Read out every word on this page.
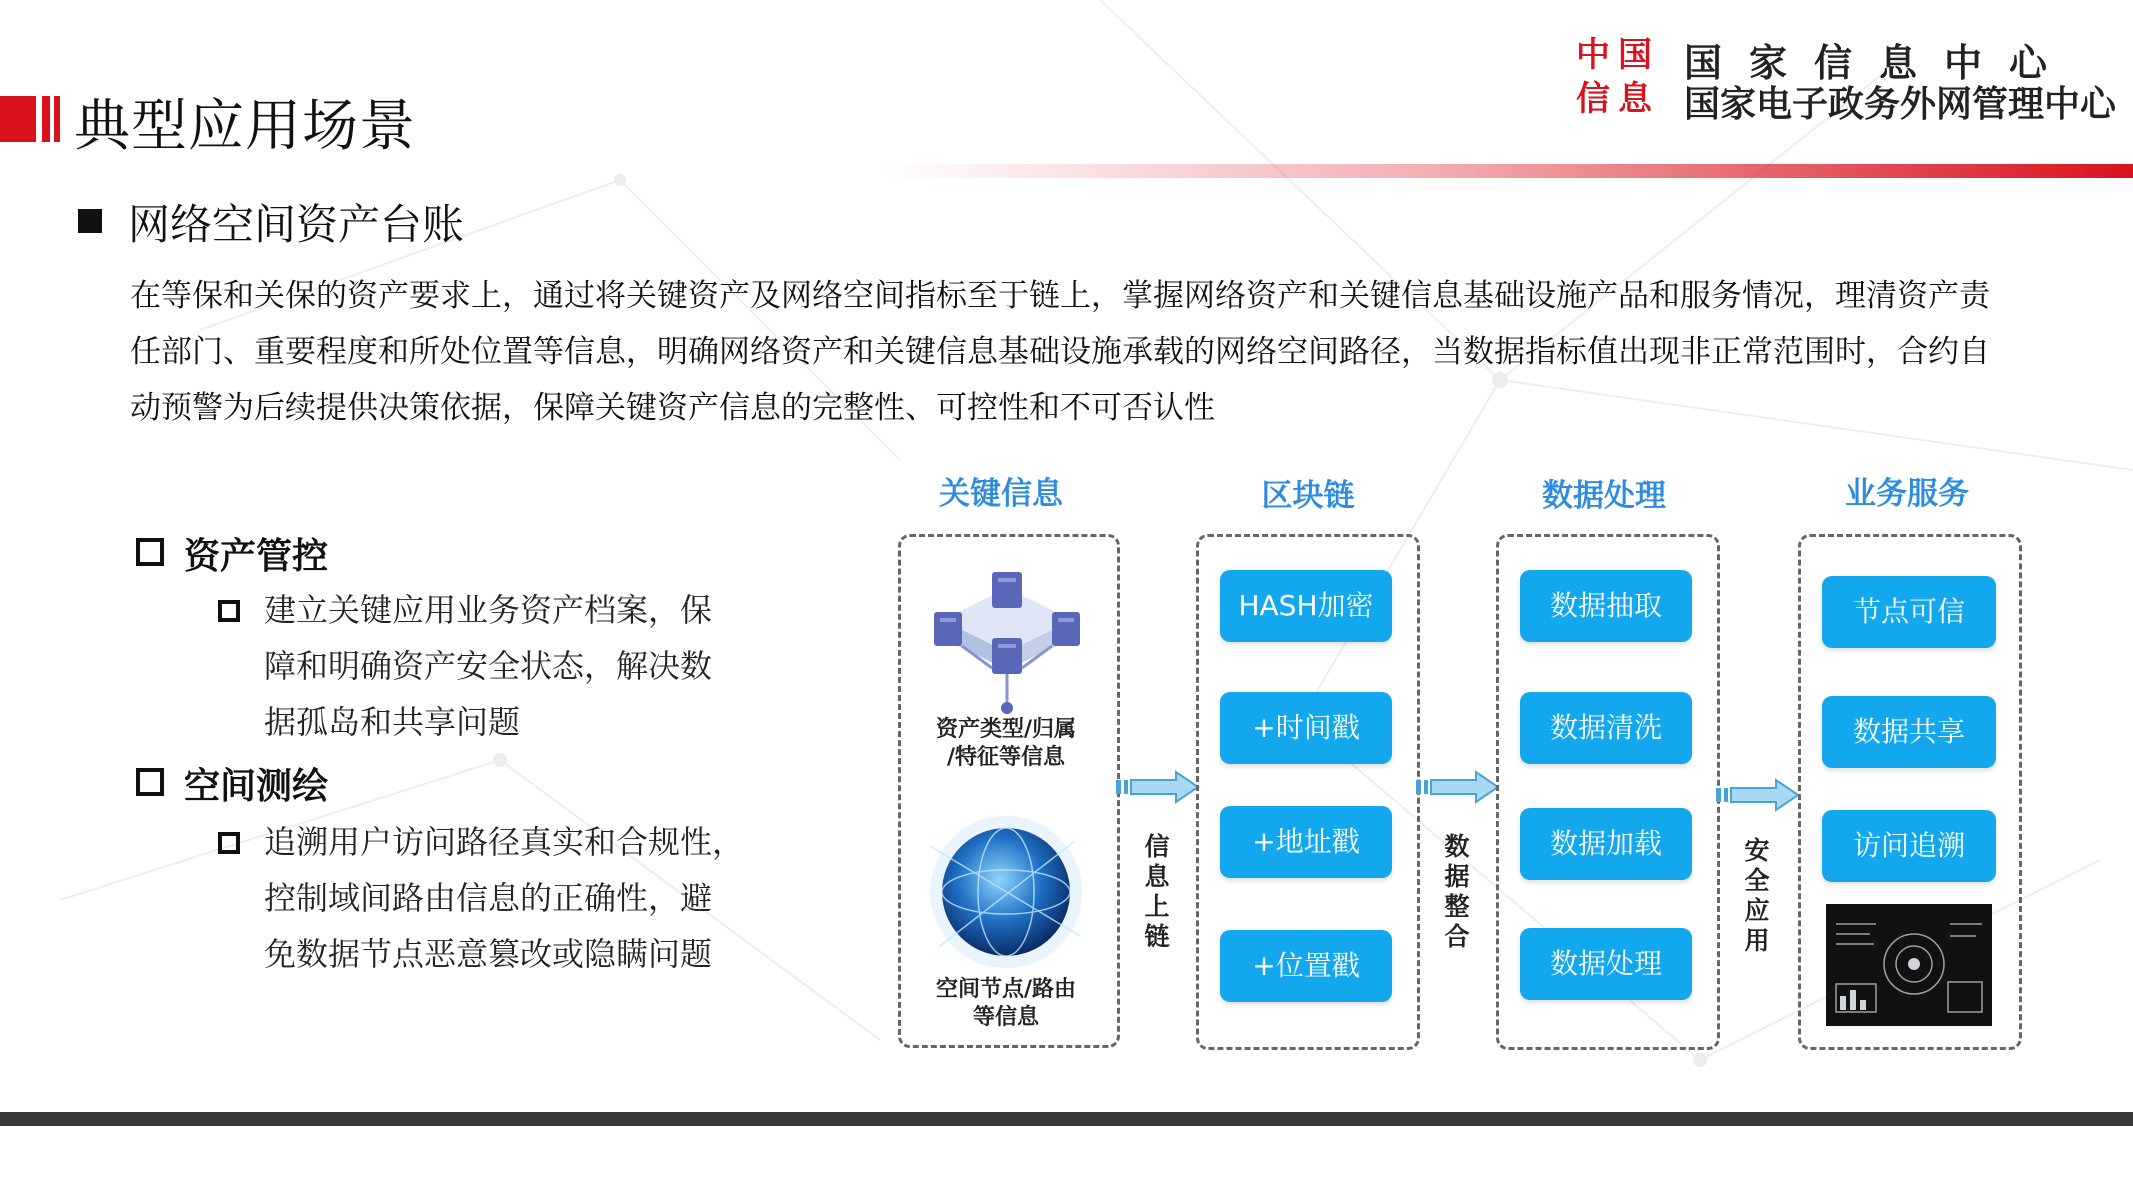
典型应用场景
中 国
信 息
国家信息中心
国家电子政务外网管理中心
网络空间资产台账
在等保和关保的资产要求上，通过将关键资产及网络空间指标至于链上，掌握网络资产和关键信息基础设施产品和服务情况，理清资产责
任部门、重要程度和所处位置等信息，明确网络资产和关键信息基础设施承载的网络空间路径，当数据指标值出现非正常范围时，合约自
动预警为后续提供决策依据，保障关键资产信息的完整性、可控性和不可否认性
资产管控
建立关键应用业务资产档案，保
障和明确资产安全状态，解决数
据孤岛和共享问题
空间测绘
追溯用户访问路径真实和合规性，
控制域间路由信息的正确性，避
免数据节点恶意篡改或隐瞒问题
关键信息	区块链	数据处理	业务服务
资产类型/归属
/特征等信息
空间节点/路由
等信息
信
息
上
链
HASH加密
+时间戳
+地址戳
+位置戳
数
据
整
合
数据抽取
数据清洗
数据加载
数据处理
安
全
应
用
节点可信
数据共享
访问追溯
